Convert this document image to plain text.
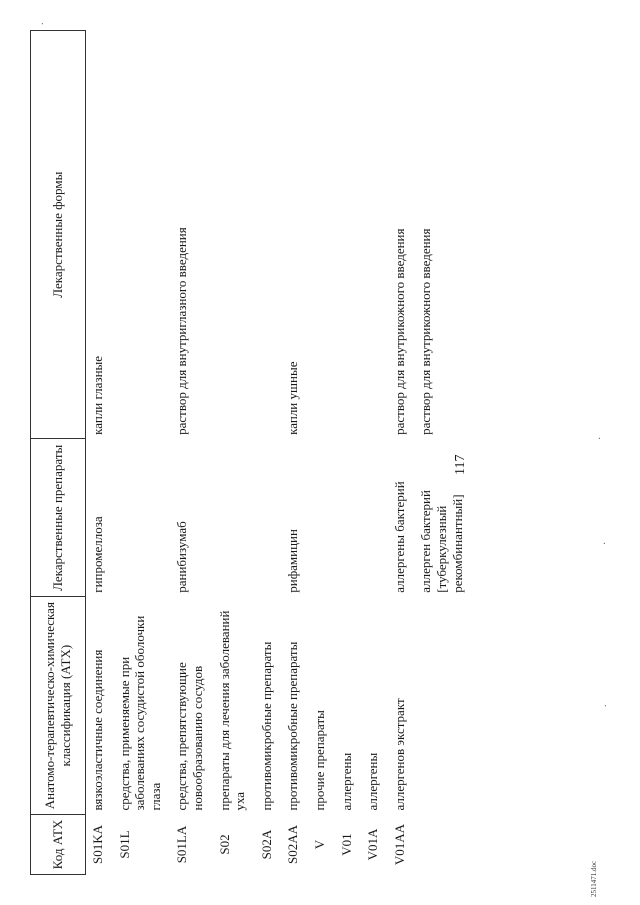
117
.
·
·
.
Код АТХ	Анатомо-терапевтическо-химическая классификация (АТХ)	Лекарственные препараты	Лекарственные формы
S01KA	вязкоэластичные соединения	гипромеллоза	капли глазные
S01L	средства, применяемые при заболеваниях сосудистой оболочки глаза		
S01LA	средства, препятствующие новообразованию сосудов	ранибизумаб	раствор для внутриглазного введения
S02	препараты для лечения заболеваний уха		
S02A	противомикробные препараты		
S02AA	противомикробные препараты	рифамицин	капли ушные
V	прочие препараты		
V01	аллергены		
V01A	аллергены		
V01AA	аллергенов экстракт	аллергены бактерий	раствор для внутрикожного введения
		аллерген бактерий [туберкулезный рекомбинантный]	раствор для внутрикожного введения
2511471.doc
